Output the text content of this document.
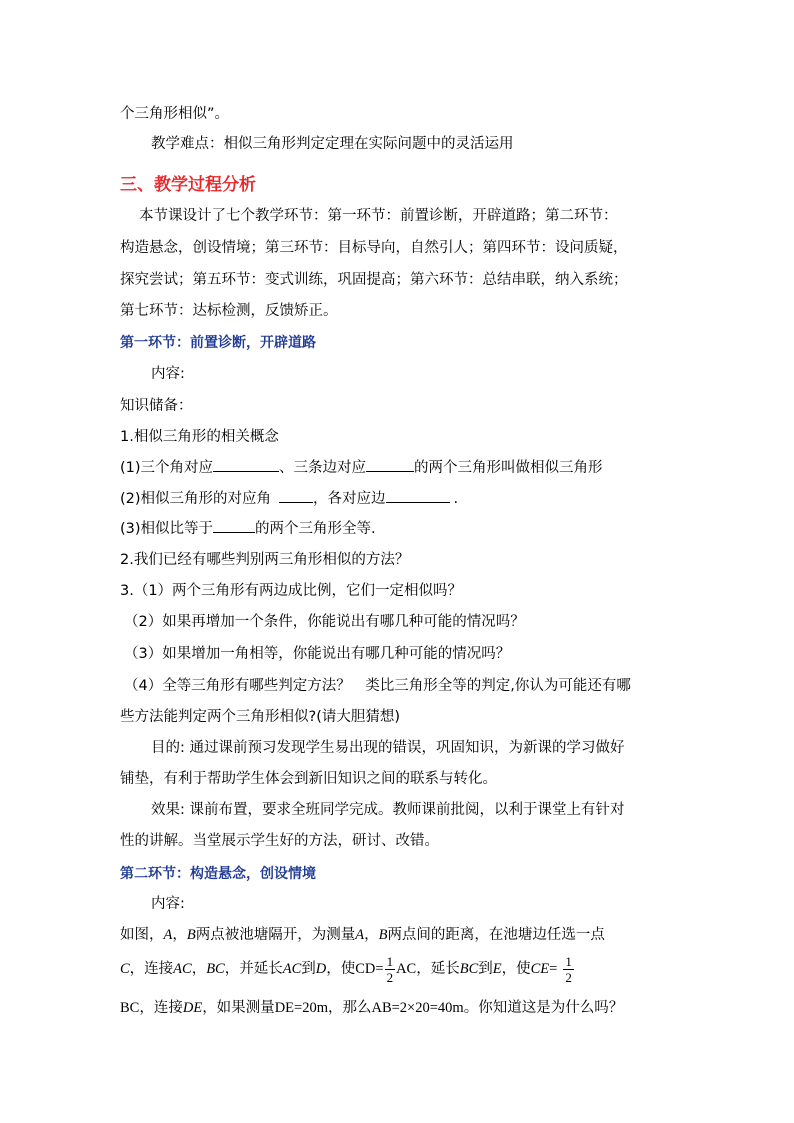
个三角形相似”。
教学难点：相似三角形判定定理在实际问题中的灵活运用
三、教学过程分析
本节课设计了七个教学环节：第一环节：前置诊断，开辟道路；第二环节：
构造悬念，创设情境；第三环节：目标导向，自然引人；第四环节：设问质疑，
探究尝试；第五环节：变式训练，巩固提高；第六环节：总结串联，纳入系统；
第七环节：达标检测，反馈矫正。
第一环节：前置诊断，开辟道路
内容:
知识储备：
1.相似三角形的相关概念
(1)三个角对应	、三条边对应	的两个三角形叫做相似三角形
(2)相似三角形的对应角	，各对应边	.
(3)相似比等于	的两个三角形全等.
2.我们已经有哪些判别两三角形相似的方法？
3.（1）两个三角形有两边成比例，它们一定相似吗？
（2）如果再增加一个条件，你能说出有哪几种可能的情况吗？
（3）如果增加一角相等，你能说出有哪几种可能的情况吗？
（4）全等三角形有哪些判定方法？　类比三角形全等的判定,你认为可能还有哪
些方法能判定两个三角形相似?(请大胆猜想)
目的: 通过课前预习发现学生易出现的错误，巩固知识，为新课的学习做好
铺垫，有利于帮助学生体会到新旧知识之间的联系与转化。
效果: 课前布置，要求全班同学完成。教师课前批阅，以利于课堂上有针对
性的讲解。当堂展示学生好的方法，研讨、改错。
第二环节：构造悬念，创设情境
内容:
如图，A，B两点被池塘隔开，为测量A，B两点间的距离，在池塘边任选一点
C，连接AC，BC，并延长AC到D，使$CD= \frac{1}{2}$ AC，延长BC到E，使$CE= \frac{1}{2}$
BC，连接DE，如果测量DE=20m，那么AB=2×20=40m。你知道这是为什么吗？
